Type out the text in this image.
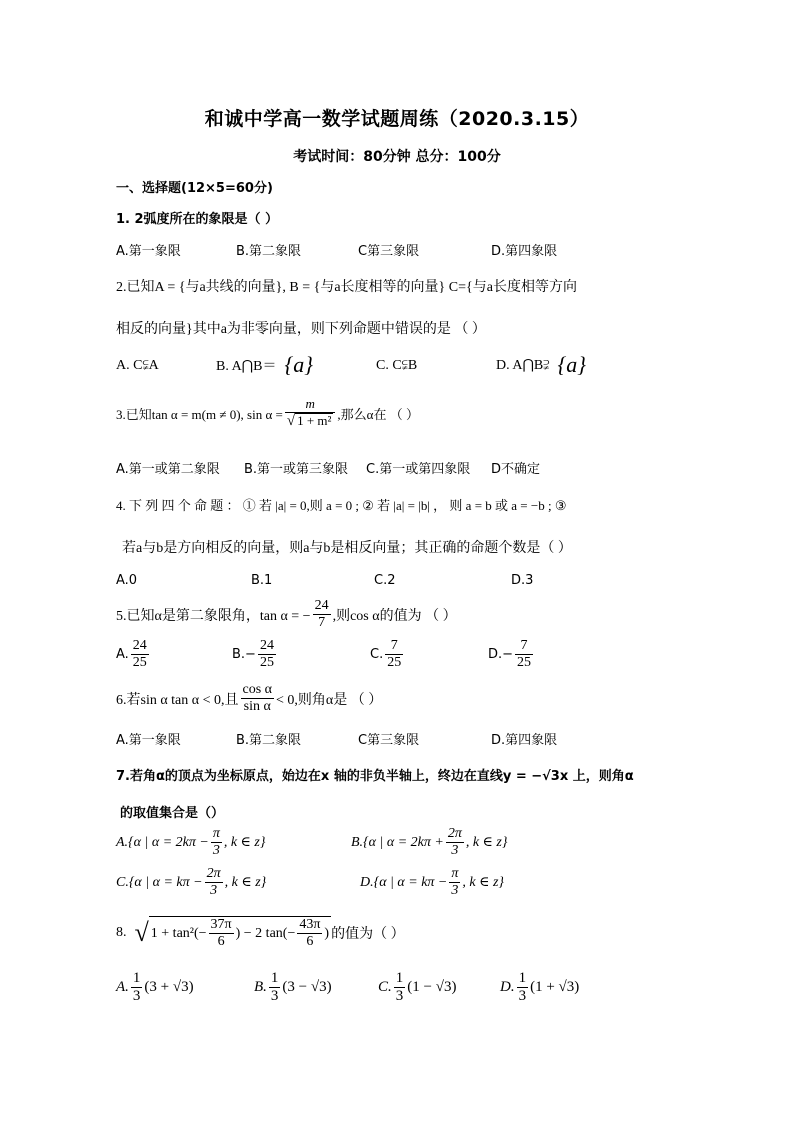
和诚中学高一数学试题周练（2020.3.15）
考试时间：80分钟 总分：100分
一、选择题(12×5=60分)
1. 2弧度所在的象限是（ ）
A.第一象限	B.第二象限	C第三象限	D.第四象限
2.已知A = {与a共线的向量}, B = {与a长度相等的向量} C={与a长度相等方向
相反的向量}其中a为非零向量，则下列命题中错误的是 （ ）
A. C⫋A	B. A⋂B＝ {a}	C. C⫋B	D. A⋂B⫌ {a}
3.已知tan α = m(m ≠ 0), $\sin \alpha = \frac{m}{\text{√ 1 + m²}}$ ,那么α在 （ ）
A.第一或第二象限 B.第一或第三象限 C.第一或第四象限 D不确定
4. 下 列 四 个 命 题 ： ① 若 |a| = 0,则 a = 0 ; ② 若 |a| = |b| ， 则 a = b 或 a = −b ; ③
若a与b是方向相反的向量，则a与b是相反向量；其正确的命题个数是（ ）
A.0	B.1	C.2	D.3
5.已知α是第二象限角，tan α = − $\frac{24}{7}$ ,则cos α的值为 （ ）
A. $\frac{24}{25}$	$B.- \frac{24}{25}$	C. $\frac{7}{25}$	$D.- \frac{7}{25}$
6.若sin α tan α < 0,且 $\frac{\text{cos α}}{\text{sin α}} < 0$,则角α是 （ ）
A.第一象限	B.第二象限	C第三象限	D.第四象限
7.若角α的顶点为坐标原点，始边在x 轴的非负半轴上，终边在直线y = −√3x 上，则角α
的取值集合是（）
A.{α | $\alpha = 2k\pi - \frac{\pi}{3}$ , k ∈ z}	B.{α | $\alpha = 2k\pi + \frac{2\pi}{3}$ , k ∈ z}
C.{α | $\alpha = k\pi - \frac{2\pi}{3}$ , k ∈ z}	D.{α | $\alpha = k\pi - \frac{\pi}{3}$ , k ∈ z}
8. √ $1 + \tan^2(- \frac{37\pi}{6}$ ) − 2 $\tan(- \frac{43\pi}{6}$ ) 的值为（ ）
A. $\frac{1}{3} (3 + √3)$	B. $\frac{1}{3} (3 - √3)$	C. $\frac{1}{3} (1 - √3)$	D. $\frac{1}{3} (1 + √3)$
